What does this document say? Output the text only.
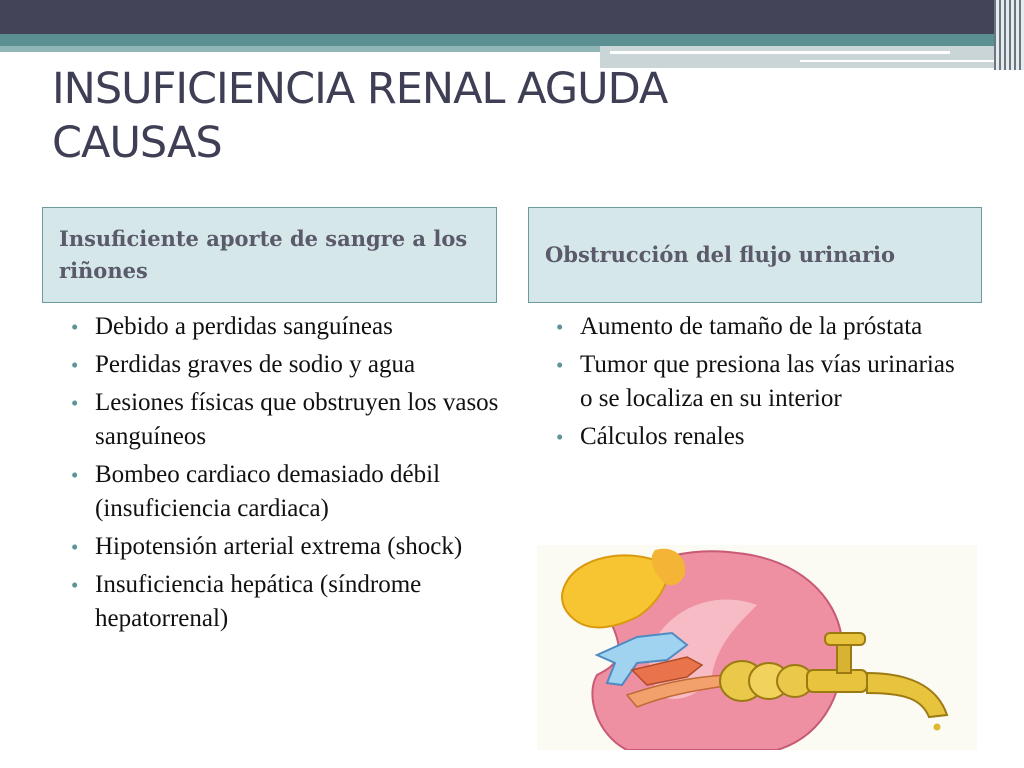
INSUFICIENCIA RENAL AGUDA
CAUSAS
Insuficiente aporte de sangre a los riñones
• Debido a perdidas sanguíneas
• Perdidas graves de sodio y agua
• Lesiones físicas que obstruyen los vasos sanguíneos
• Bombeo cardiaco demasiado débil (insuficiencia cardiaca)
• Hipotensión arterial extrema (shock)
• Insuficiencia hepática (síndrome hepatorrenal)
Obstrucción del flujo urinario
• Aumento de tamaño de la próstata
• Tumor que presiona las vías urinarias o se localiza en su interior
• Cálculos renales
